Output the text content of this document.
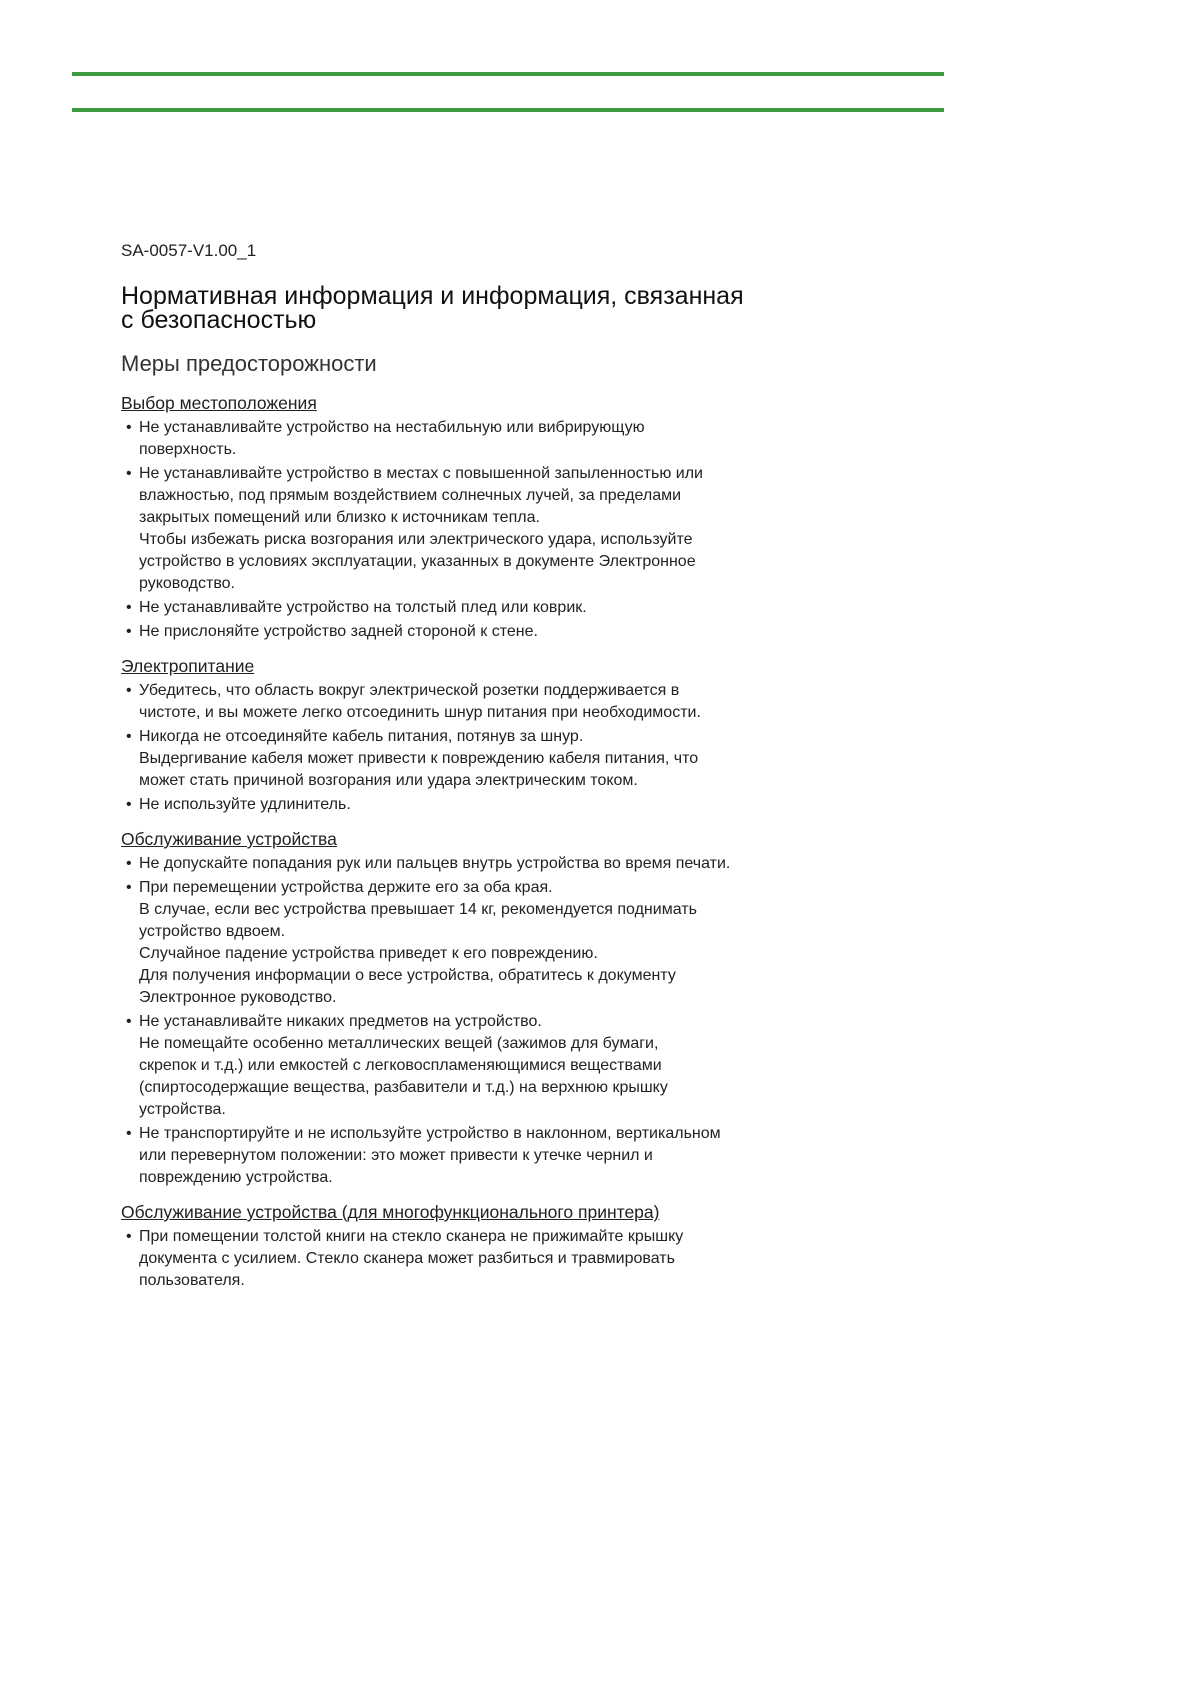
SA-0057-V1.00_1
Нормативная информация и информация, связанная
с безопасностью
Меры предосторожности
Выбор местоположения
• Не устанавливайте устройство на нестабильную или вибрирующую
поверхность.
• Не устанавливайте устройство в местах с повышенной запыленностью или
влажностью, под прямым воздействием солнечных лучей, за пределами
закрытых помещений или близко к источникам тепла.
Чтобы избежать риска возгорания или электрического удара, используйте
устройство в условиях эксплуатации, указанных в документе Электронное
руководство.
• Не устанавливайте устройство на толстый плед или коврик.
• Не прислоняйте устройство задней стороной к стене.
Электропитание
• Убедитесь, что область вокруг электрической розетки поддерживается в
чистоте, и вы можете легко отсоединить шнур питания при необходимости.
• Никогда не отсоединяйте кабель питания, потянув за шнур.
Выдергивание кабеля может привести к повреждению кабеля питания, что
может стать причиной возгорания или удара электрическим током.
• Не используйте удлинитель.
Обслуживание устройства
• Не допускайте попадания рук или пальцев внутрь устройства во время печати.
• При перемещении устройства держите его за оба края.
В случае, если вес устройства превышает 14 кг, рекомендуется поднимать
устройство вдвоем.
Случайное падение устройства приведет к его повреждению.
Для получения информации о весе устройства, обратитесь к документу
Электронное руководство.
• Не устанавливайте никаких предметов на устройство.
Не помещайте особенно металлических вещей (зажимов для бумаги,
скрепок и т.д.) или емкостей с легковоспламеняющимися веществами
(спиртосодержащие вещества, разбавители и т.д.) на верхнюю крышку
устройства.
• Не транспортируйте и не используйте устройство в наклонном, вертикальном
или перевернутом положении: это может привести к утечке чернил и
повреждению устройства.
Обслуживание устройства (для многофункционального принтера)
• При помещении толстой книги на стекло сканера не прижимайте крышку
документа с усилием. Стекло сканера может разбиться и травмировать
пользователя.
